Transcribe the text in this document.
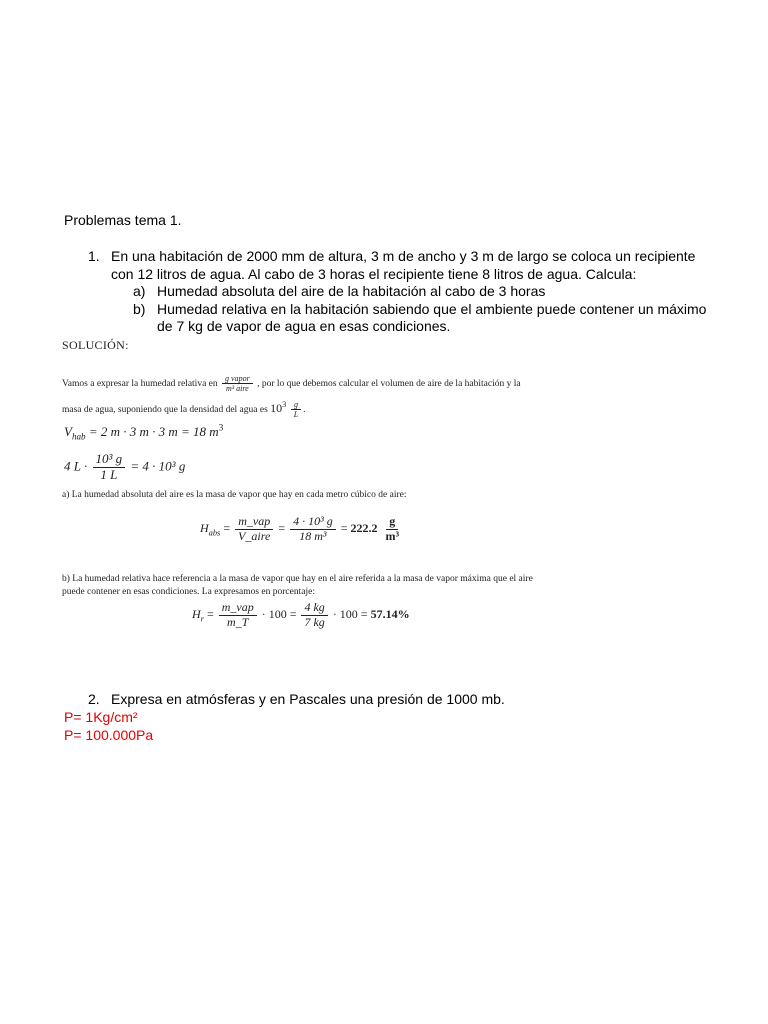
Problemas tema 1.
1. En una habitación de 2000 mm de altura, 3 m de ancho y 3 m de largo se coloca un recipiente
con 12 litros de agua. Al cabo de 3 horas el recipiente tiene 8 litros de agua. Calcula:
a) Humedad absoluta del aire de la habitación al cabo de 3 horas
b) Humedad relativa en la habitación sabiendo que el ambiente puede contener un máximo
de 7 kg de vapor de agua en esas condiciones.
SOLUCIÓN:
Vamos a expresar la humedad relativa en $\frac{\text{g vapor}}{\text{m³ aire}}$ , por lo que debemos calcular el volumen de aire de la habitación y la
masa de agua, suponiendo que la densidad del agua es $10^3 \frac{g}{L}$ .
$V_{hab} = 2$ m · 3 m · 3 m = 18 $m^3$
4 $L \cdot \frac{\text{10³ g}}{1 L} = 4 \cdot 10^3$ g
a) La humedad absoluta del aire es la masa de vapor que hay en cada metro cúbico de aire:
$H_{abs} = \frac{\text{m\_vap}}{\text{V\_aire}} = \frac{\text{4 · 10³ g}}{\text{18 m³}} = 222.2 \frac{g}{\text{m³}}$
b) La humedad relativa hace referencia a la masa de vapor que hay en el aire referida a la masa de vapor máxima que el aire
puede contener en esas condiciones. La expresamos en porcentaje:
$H_r = \frac{\text{m\_vap}}{m\_T} \cdot 100 = \frac{4 kg}{7 kg} \cdot 100 = 57.14\%$
2. Expresa en atmósferas y en Pascales una presión de 1000 mb.
P= 1Kg/cm²
P= 100.000Pa
